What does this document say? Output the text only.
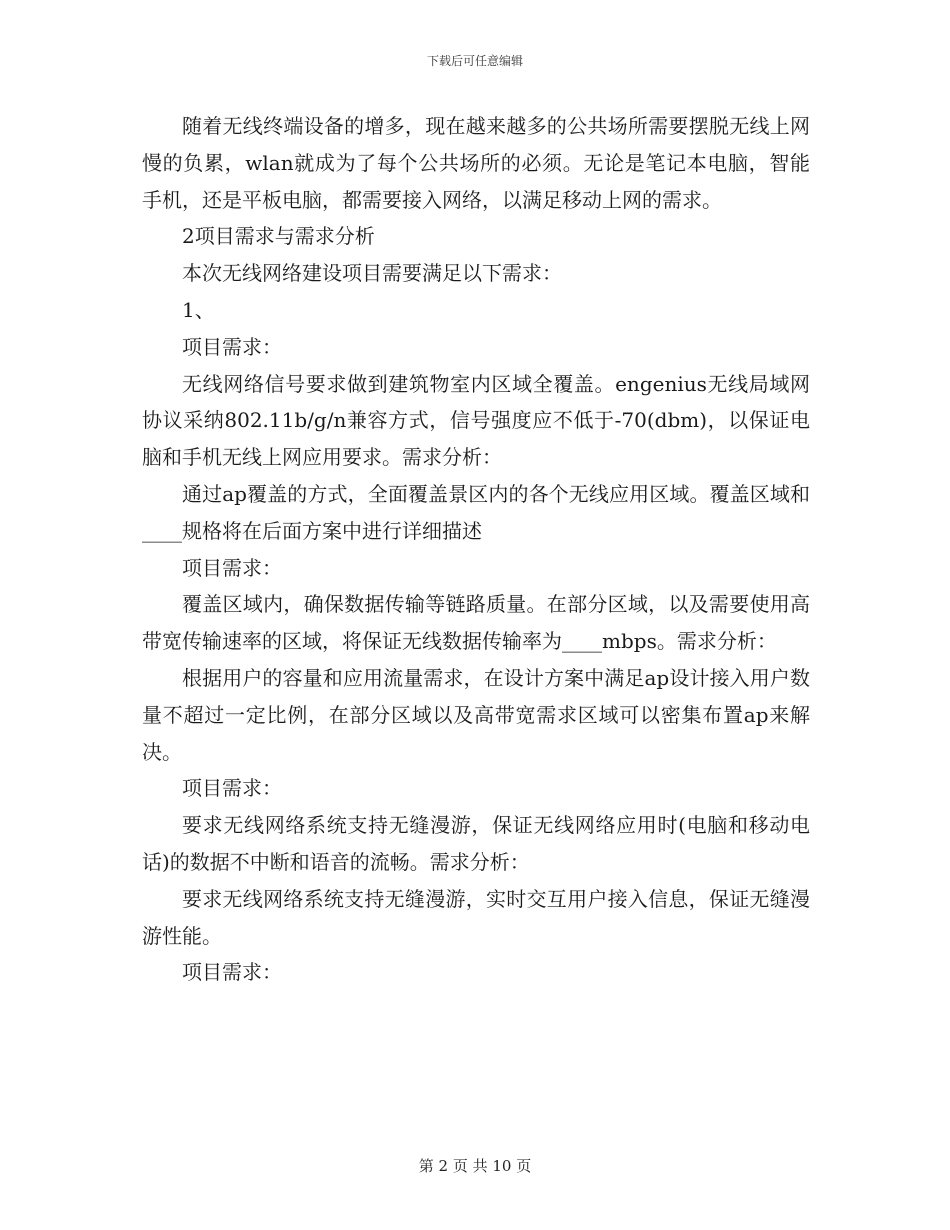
下载后可任意编辑

随着无线终端设备的增多，现在越来越多的公共场所需要摆脱无线上网慢的负累，wlan就成为了每个公共场所的必须。无论是笔记本电脑，智能手机，还是平板电脑，都需要接入网络，以满足移动上网的需求。

2项目需求与需求分析

本次无线网络建设项目需要满足以下需求：

1、

项目需求：

无线网络信号要求做到建筑物室内区域全覆盖。engenius无线局域网协议采纳802.11b/g/n兼容方式，信号强度应不低于-70(dbm)，以保证电脑和手机无线上网应用要求。需求分析：

通过ap覆盖的方式，全面覆盖景区内的各个无线应用区域。覆盖区域和____规格将在后面方案中进行详细描述

项目需求：

覆盖区域内，确保数据传输等链路质量。在部分区域，以及需要使用高带宽传输速率的区域，将保证无线数据传输率为____mbps。需求分析：

根据用户的容量和应用流量需求，在设计方案中满足ap设计接入用户数量不超过一定比例，在部分区域以及高带宽需求区域可以密集布置ap来解决。

项目需求：

要求无线网络系统支持无缝漫游，保证无线网络应用时(电脑和移动电话)的数据不中断和语音的流畅。需求分析：

要求无线网络系统支持无缝漫游，实时交互用户接入信息，保证无缝漫游性能。

项目需求：

第 2 页 共 10 页
